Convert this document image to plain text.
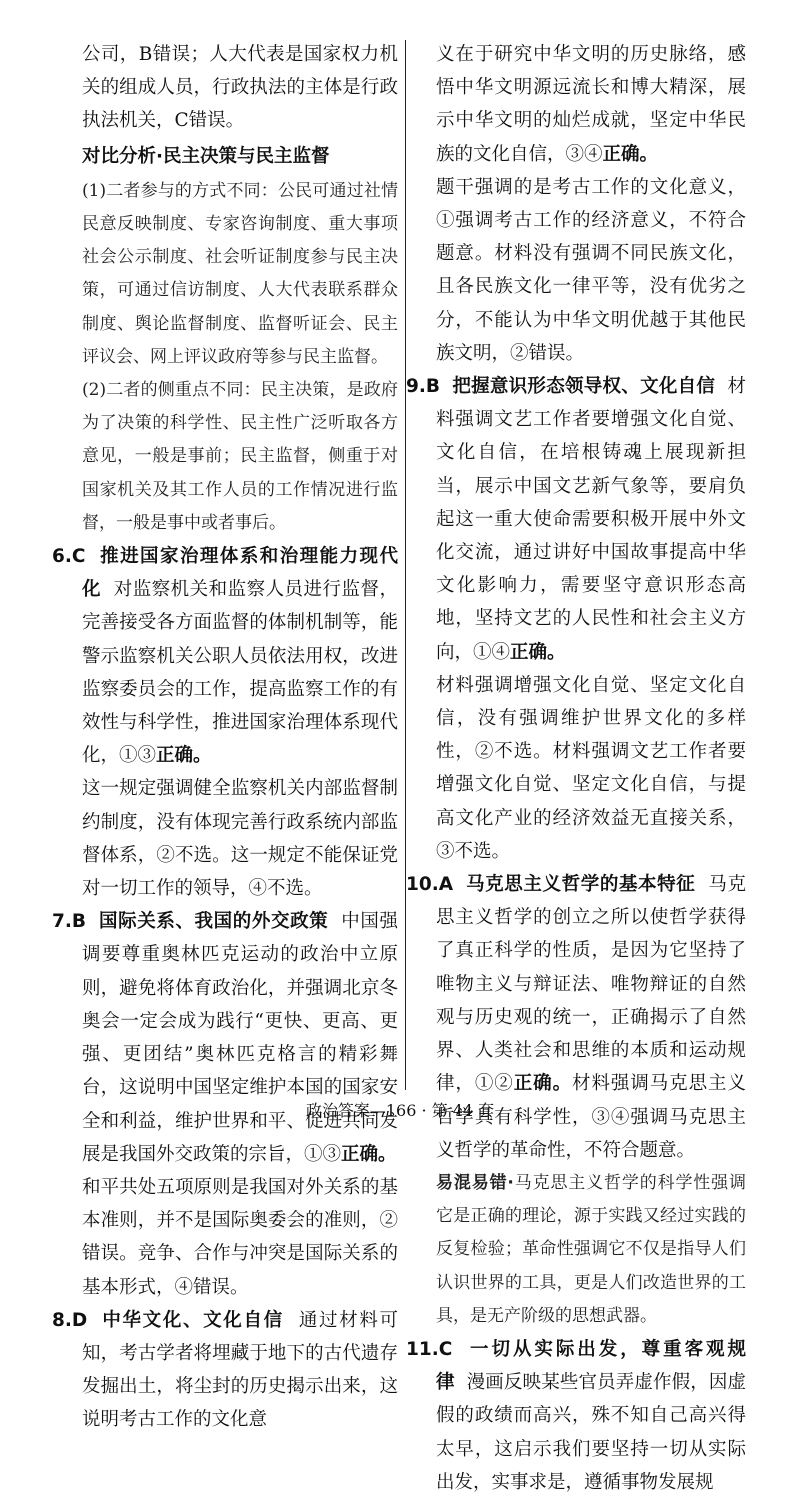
公司，B错误；人大代表是国家权力机关的组成人员，行政执法的主体是行政执法机关，C错误。

对比分析·民主决策与民主监督

(1)二者参与的方式不同：公民可通过社情民意反映制度、专家咨询制度、重大事项社会公示制度、社会听证制度参与民主决策，可通过信访制度、人大代表联系群众制度、舆论监督制度、监督听证会、民主评议会、网上评议政府等参与民主监督。

(2)二者的侧重点不同：民主决策，是政府为了决策的科学性、民主性广泛听取各方意见，一般是事前；民主监督，侧重于对国家机关及其工作人员的工作情况进行监督，一般是事中或者事后。

6.C 推进国家治理体系和治理能力现代化 对监察机关和监察人员进行监督，完善接受各方面监督的体制机制等，能警示监察机关公职人员依法用权，改进监察委员会的工作，提高监察工作的有效性与科学性，推进国家治理体系现代化，①③正确。

这一规定强调健全监察机关内部监督制约制度，没有体现完善行政系统内部监督体系，②不选。这一规定不能保证党对一切工作的领导，④不选。

7.B 国际关系、我国的外交政策 中国强调要尊重奥林匹克运动的政治中立原则，避免将体育政治化，并强调北京冬奥会一定会成为践行“更快、更高、更强、更团结”奥林匹克格言的精彩舞台，这说明中国坚定维护本国的国家安全和利益，维护世界和平、促进共同发展是我国外交政策的宗旨，①③正确。

和平共处五项原则是我国对外关系的基本准则，并不是国际奥委会的准则，②错误。竞争、合作与冲突是国际关系的基本形式，④错误。

8.D 中华文化、文化自信 通过材料可知，考古学者将埋藏于地下的古代遗存发掘出土，将尘封的历史揭示出来，这说明考古工作的文化意

义在于研究中华文明的历史脉络，感悟中华文明源远流长和博大精深，展示中华文明的灿烂成就，坚定中华民族的文化自信，③④正确。

题干强调的是考古工作的文化意义，①强调考古工作的经济意义，不符合题意。材料没有强调不同民族文化，且各民族文化一律平等，没有优劣之分，不能认为中华文明优越于其他民族文明，②错误。

9.B 把握意识形态领导权、文化自信 材料强调文艺工作者要增强文化自觉、文化自信，在培根铸魂上展现新担当，展示中国文艺新气象等，要肩负起这一重大使命需要积极开展中外文化交流，通过讲好中国故事提高中华文化影响力，需要坚守意识形态高地，坚持文艺的人民性和社会主义方向，①④正确。

材料强调增强文化自觉、坚定文化自信，没有强调维护世界文化的多样性，②不选。材料强调文艺工作者要增强文化自觉、坚定文化自信，与提高文化产业的经济效益无直接关系，③不选。

10.A 马克思主义哲学的基本特征 马克思主义哲学的创立之所以使哲学获得了真正科学的性质，是因为它坚持了唯物主义与辩证法、唯物辩证的自然观与历史观的统一，正确揭示了自然界、人类社会和思维的本质和运动规律，①②正确。材料强调马克思主义哲学具有科学性，③④强调马克思主义哲学的革命性，不符合题意。

易混易错·马克思主义哲学的科学性强调它是正确的理论，源于实践又经过实践的反复检验；革命性强调它不仅是指导人们认识世界的工具，更是人们改造世界的工具，是无产阶级的思想武器。

11.C 一切从实际出发，尊重客观规律 漫画反映某些官员弄虚作假，因虚假的政绩而高兴，殊不知自己高兴得太早，这启示我们要坚持一切从实际出发，实事求是，遵循事物发展规

政治答案—166 · 第 44 套
